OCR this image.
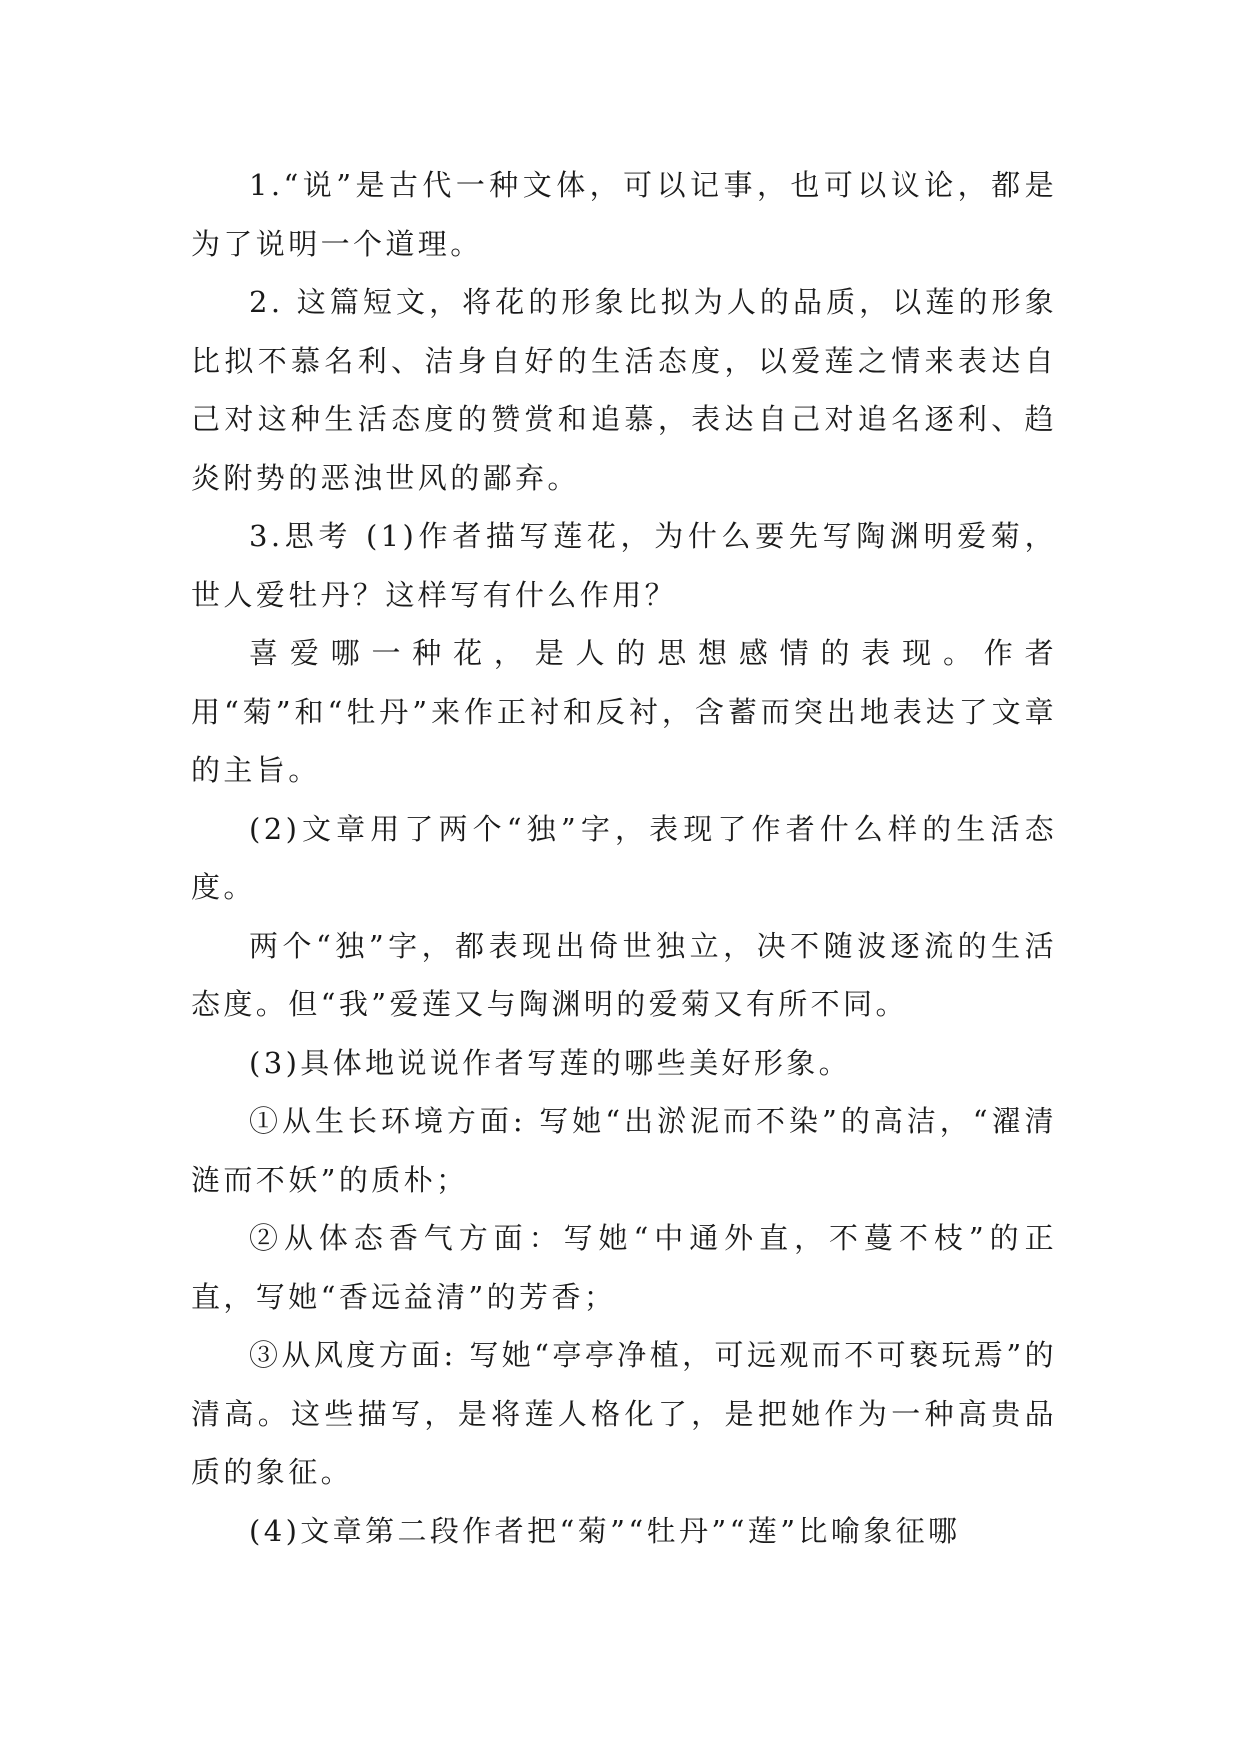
1.“说”是古代一种文体，可以记事，也可以议论，都是为了说明一个道理。

2. 这篇短文，将花的形象比拟为人的品质，以莲的形象比拟不慕名利、洁身自好的生活态度，以爱莲之情来表达自己对这种生活态度的赞赏和追慕，表达自己对追名逐利、趋炎附势的恶浊世风的鄙弃。

3.思考 (1)作者描写莲花，为什么要先写陶渊明爱菊，世人爱牡丹？这样写有什么作用？

喜爱哪一种花，是人的思想感情的表现。作者用“菊”和“牡丹”来作正衬和反衬，含蓄而突出地表达了文章的主旨。

(2)文章用了两个“独”字，表现了作者什么样的生活态度。

两个“独”字，都表现出倚世独立，决不随波逐流的生活态度。但“我”爱莲又与陶渊明的爱菊又有所不同。

(3)具体地说说作者写莲的哪些美好形象。

①从生长环境方面: 写她“出淤泥而不染”的高洁，“濯清涟而不妖”的质朴；

②从体态香气方面：写她“中通外直，不蔓不枝”的正直，写她“香远益清”的芳香；

③从风度方面: 写她“亭亭净植，可远观而不可亵玩焉”的清高。这些描写，是将莲人格化了，是把她作为一种高贵品质的象征。

(4)文章第二段作者把“菊”“牡丹”“莲”比喻象征哪
